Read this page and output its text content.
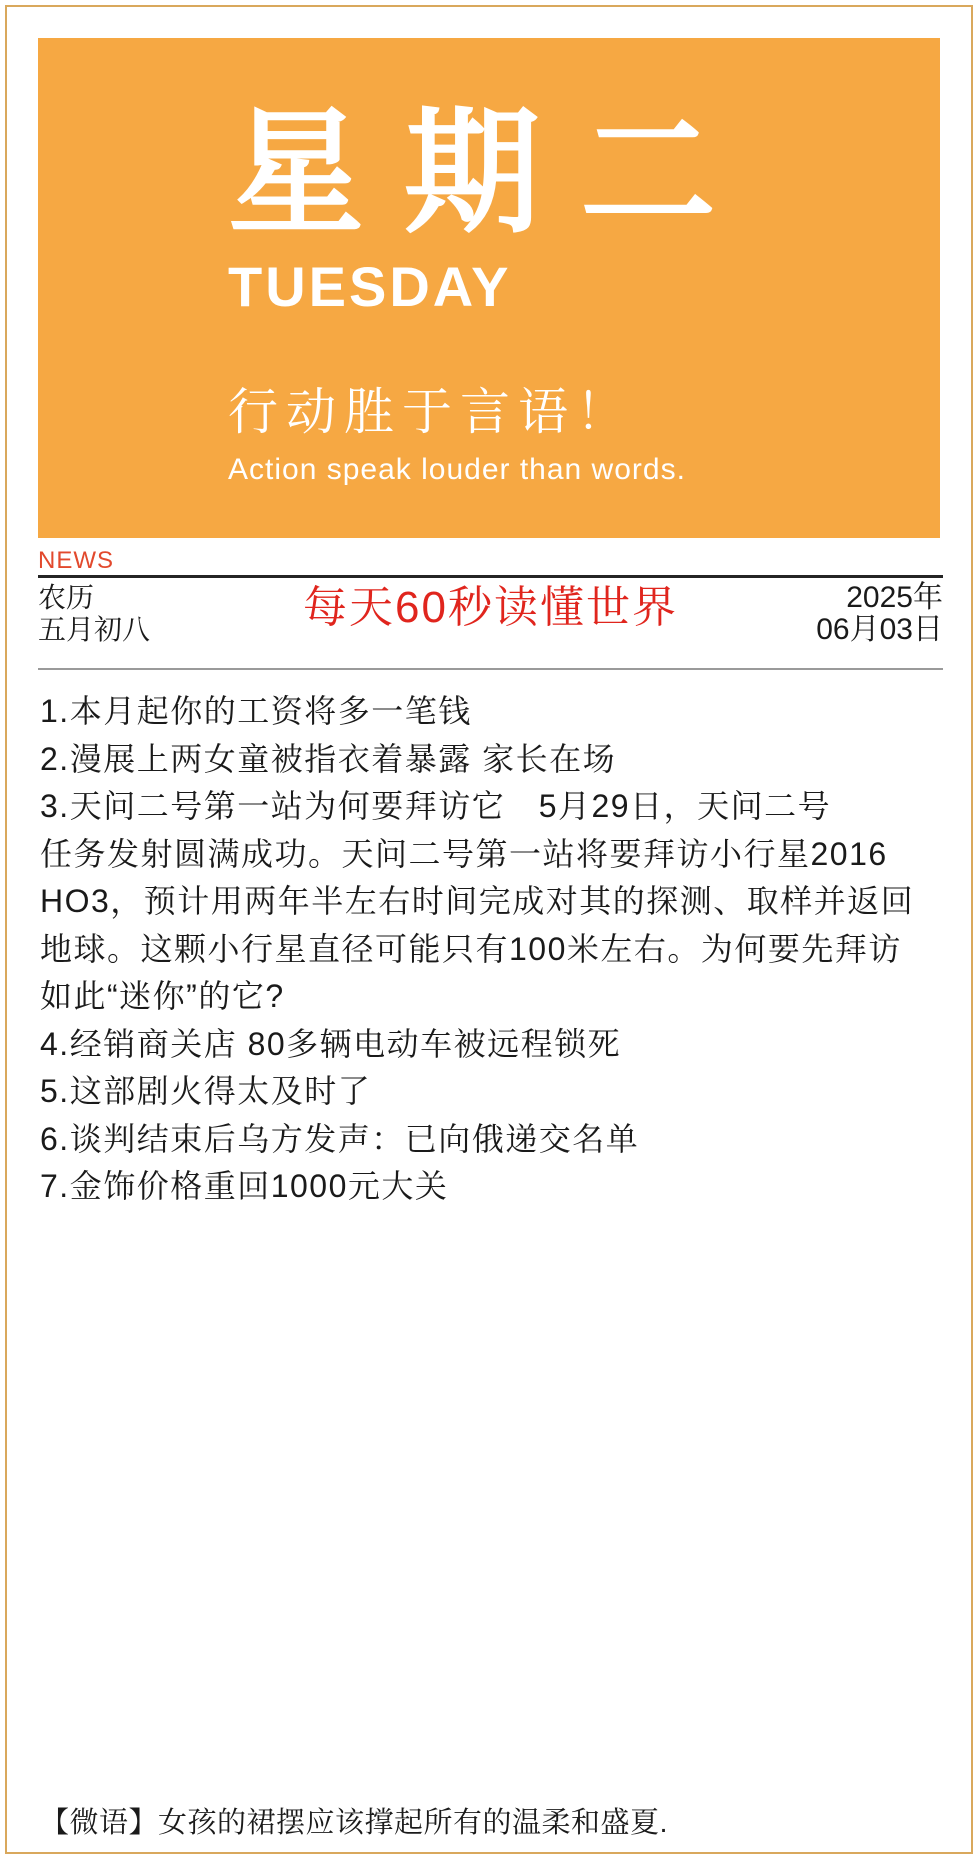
星期二
TUESDAY
行动胜于言语！
Action speak louder than words.
NEWS
农历
五月初八	每天60秒读懂世界	2025年
06月03日
1.本月起你的工资将多一笔钱
2.漫展上两女童被指衣着暴露 家长在场
3.天问二号第一站为何要拜访它　5月29日，天问二号
任务发射圆满成功。天问二号第一站将要拜访小行星2016
HO3，预计用两年半左右时间完成对其的探测、取样并返回
地球。这颗小行星直径可能只有100米左右。为何要先拜访
如此“迷你”的它?
4.经销商关店 80多辆电动车被远程锁死
5.这部剧火得太及时了
6.谈判结束后乌方发声：已向俄递交名单
7.金饰价格重回1000元大关
【微语】女孩的裙摆应该撑起所有的温柔和盛夏.
